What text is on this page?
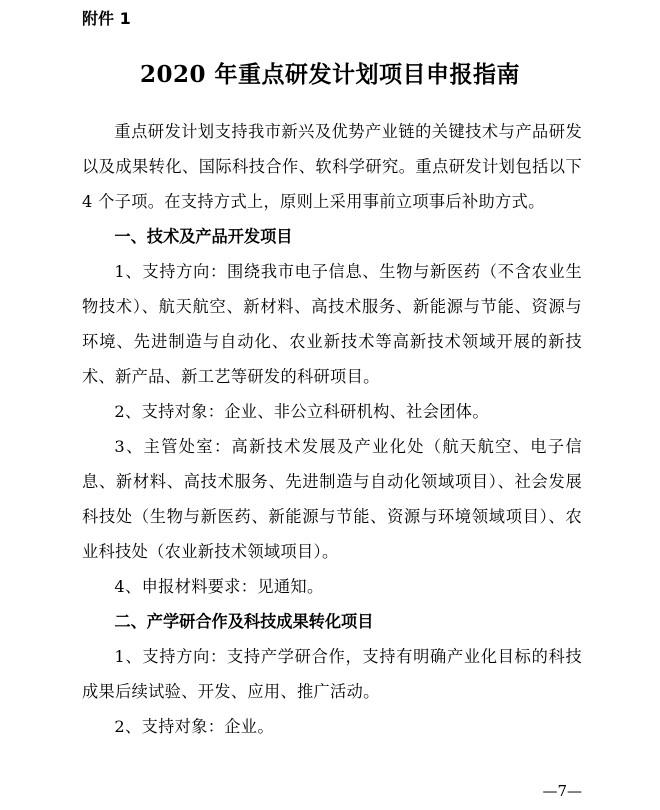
附件 1
2020 年重点研发计划项目申报指南

重点研发计划支持我市新兴及优势产业链的关键技术与产品研发以及成果转化、国际科技合作、软科学研究。重点研发计划包括以下 4 个子项。在支持方式上，原则上采用事前立项事后补助方式。

一、技术及产品开发项目

1、支持方向：围绕我市电子信息、生物与新医药（不含农业生物技术）、航天航空、新材料、高技术服务、新能源与节能、资源与环境、先进制造与自动化、农业新技术等高新技术领域开展的新技术、新产品、新工艺等研发的科研项目。

2、支持对象：企业、非公立科研机构、社会团体。

3、主管处室：高新技术发展及产业化处（航天航空、电子信息、新材料、高技术服务、先进制造与自动化领域项目）、社会发展科技处（生物与新医药、新能源与节能、资源与环境领域项目）、农业科技处（农业新技术领域项目）。

4、申报材料要求：见通知。

二、产学研合作及科技成果转化项目

1、支持方向：支持产学研合作，支持有明确产业化目标的科技成果后续试验、开发、应用、推广活动。

2、支持对象：企业。

—7—
